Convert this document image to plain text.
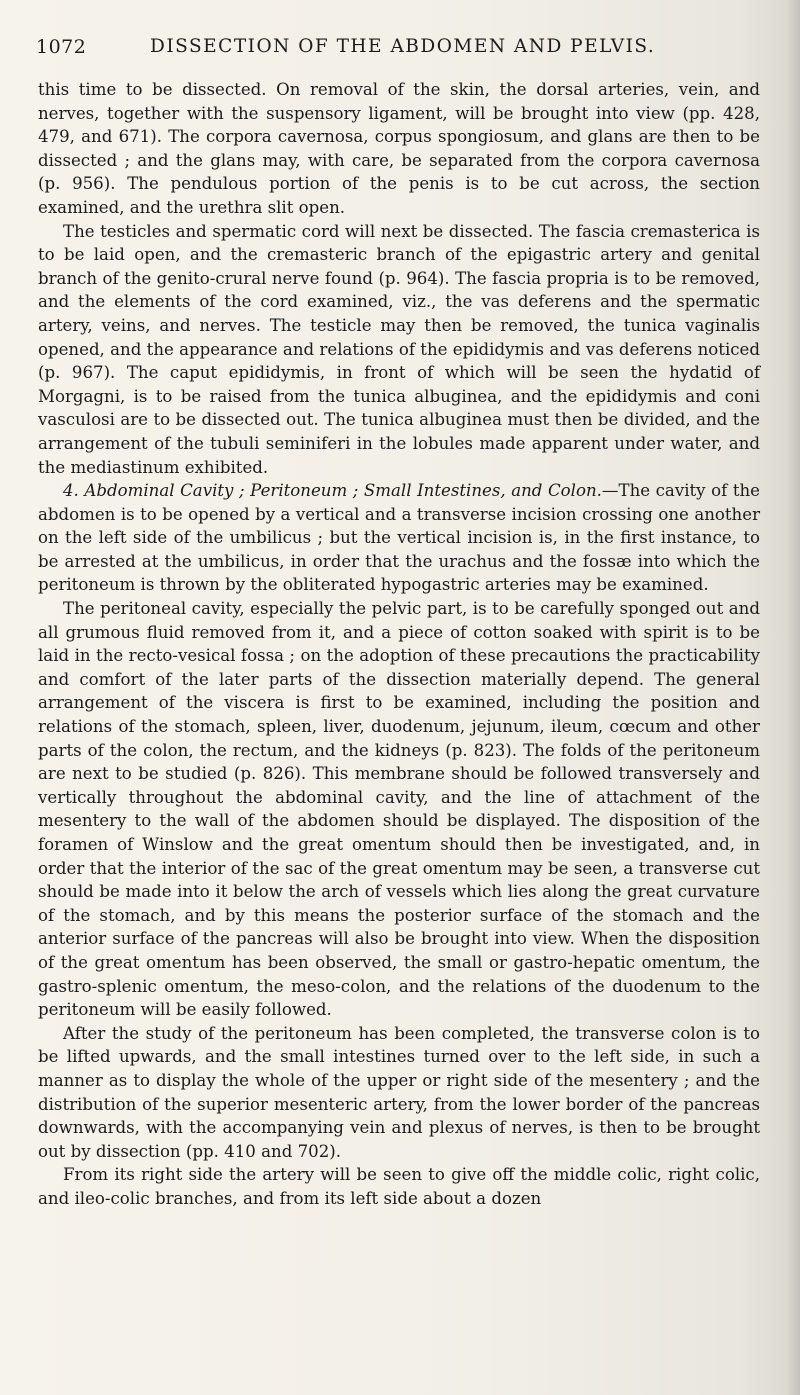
1072	DISSECTION OF THE ABDOMEN AND PELVIS.

this time to be dissected. On removal of the skin, the dorsal arteries, vein, and nerves, together with the suspensory ligament, will be brought into view (pp. 428, 479, and 671). The corpora cavernosa, corpus spongiosum, and glans are then to be dissected ; and the glans may, with care, be separated from the corpora cavernosa (p. 956). The pendulous portion of the penis is to be cut across, the section examined, and the urethra slit open.

The testicles and spermatic cord will next be dissected. The fascia cremasterica is to be laid open, and the cremasteric branch of the epigastric artery and genital branch of the genito-crural nerve found (p. 964). The fascia propria is to be removed, and the elements of the cord examined, viz., the vas deferens and the spermatic artery, veins, and nerves. The testicle may then be removed, the tunica vaginalis opened, and the appearance and relations of the epididymis and vas deferens noticed (p. 967). The caput epididymis, in front of which will be seen the hydatid of Morgagni, is to be raised from the tunica albuginea, and the epididymis and coni vasculosi are to be dissected out. The tunica albuginea must then be divided, and the arrangement of the tubuli seminiferi in the lobules made apparent under water, and the mediastinum exhibited.

4. Abdominal Cavity ; Peritoneum ; Small Intestines, and Colon.—The cavity of the abdomen is to be opened by a vertical and a transverse incision crossing one another on the left side of the umbilicus ; but the vertical incision is, in the first instance, to be arrested at the umbilicus, in order that the urachus and the fossæ into which the peritoneum is thrown by the obliterated hypogastric arteries may be examined.

The peritoneal cavity, especially the pelvic part, is to be carefully sponged out and all grumous fluid removed from it, and a piece of cotton soaked with spirit is to be laid in the recto-vesical fossa ; on the adoption of these precautions the practicability and comfort of the later parts of the dissection materially depend. The general arrangement of the viscera is first to be examined, including the position and relations of the stomach, spleen, liver, duodenum, jejunum, ileum, cœcum and other parts of the colon, the rectum, and the kidneys (p. 823). The folds of the peritoneum are next to be studied (p. 826). This membrane should be followed transversely and vertically throughout the abdominal cavity, and the line of attachment of the mesentery to the wall of the abdomen should be displayed. The disposition of the foramen of Winslow and the great omentum should then be investigated, and, in order that the interior of the sac of the great omentum may be seen, a transverse cut should be made into it below the arch of vessels which lies along the great curvature of the stomach, and by this means the posterior surface of the stomach and the anterior surface of the pancreas will also be brought into view. When the disposition of the great omentum has been observed, the small or gastro-hepatic omentum, the gastro-splenic omentum, the meso-colon, and the relations of the duodenum to the peritoneum will be easily followed.

After the study of the peritoneum has been completed, the transverse colon is to be lifted upwards, and the small intestines turned over to the left side, in such a manner as to display the whole of the upper or right side of the mesentery ; and the distribution of the superior mesenteric artery, from the lower border of the pancreas downwards, with the accompanying vein and plexus of nerves, is then to be brought out by dissection (pp. 410 and 702).

From its right side the artery will be seen to give off the middle colic, right colic, and ileo-colic branches, and from its left side about a dozen
